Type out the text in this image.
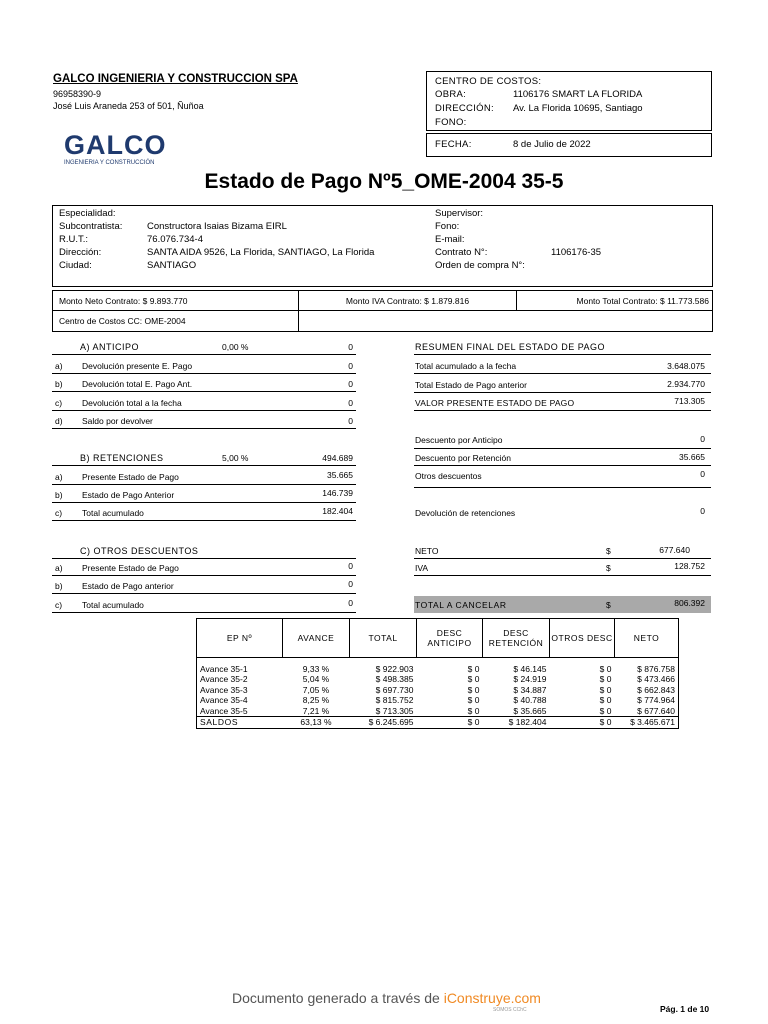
GALCO INGENIERIA Y CONSTRUCCION SPA
96958390-9
José Luis Araneda 253 of 501, Ñuñoa
GALCO
INGENIERIA Y CONSTRUCCIÓN
CENTRO DE COSTOS:
OBRA:	1106176 SMART LA FLORIDA
DIRECCIÓN: Av. La Florida 10695, Santiago
FONO:
FECHA:	8 de Julio de 2022
Estado de Pago Nº5_OME-2004 35-5
Especialidad:
Subcontratista:	Constructora Isaias Bizama EIRL
R.U.T.:	76.076.734-4
Dirección:	SANTA AIDA 9526, La Florida, SANTIAGO, La Florida
Ciudad:	SANTIAGO
Supervisor:
Fono:
E-mail:
Contrato N°:	1106176-35
Orden de compra N°:
Monto Neto Contrato: $ 9.893.770	Monto IVA Contrato: $ 1.879.816	Monto Total Contrato: $ 11.773.586
Centro de Costos CC: OME-2004
A) ANTICIPO	0,00 %	0
a) Devolución presente E. Pago	0
b) Devolución total E. Pago Ant.	0
c) Devolución total a la fecha	0
d) Saldo por devolver	0
B) RETENCIONES	5,00 %	494.689
a) Presente Estado de Pago	35.665
b) Estado de Pago Anterior	146.739
c) Total acumulado	182.404
C) OTROS DESCUENTOS
a) Presente Estado de Pago	0
b) Estado de Pago anterior	0
c) Total acumulado	0
RESUMEN FINAL DEL ESTADO DE PAGO
Total acumulado a la fecha	3.648.075
Total Estado de Pago anterior	2.934.770
VALOR PRESENTE ESTADO DE PAGO	713.305
Descuento por Anticipo	0
Descuento por Retención	35.665
Otros descuentos	0
Devolución de retenciones	0
NETO	$	677.640
IVA	$	128.752
TOTAL A CANCELAR	$	806.392
EP Nº	AVANCE	TOTAL	DESC ANTICIPO	DESC RETENCIÓN	OTROS DESC	NETO

Avance 35-1	9,33 %	$ 922.903	$ 0	$ 46.145	$ 0	$ 876.758
Avance 35-2	5,04 %	$ 498.385	$ 0	$ 24.919	$ 0	$ 473.466
Avance 35-3	7,05 %	$ 697.730	$ 0	$ 34.887	$ 0	$ 662.843
Avance 35-4	8,25 %	$ 815.752	$ 0	$ 40.788	$ 0	$ 774.964
Avance 35-5	7,21 %	$ 713.305	$ 0	$ 35.665	$ 0	$ 677.640
SALDOS	63,13 %	$ 6.245.695	$ 0	$ 182.404	$ 0	$ 3.465.671
Documento generado a través de iConstruye.com
SOMOS CChC	Pág. 1 de 10
